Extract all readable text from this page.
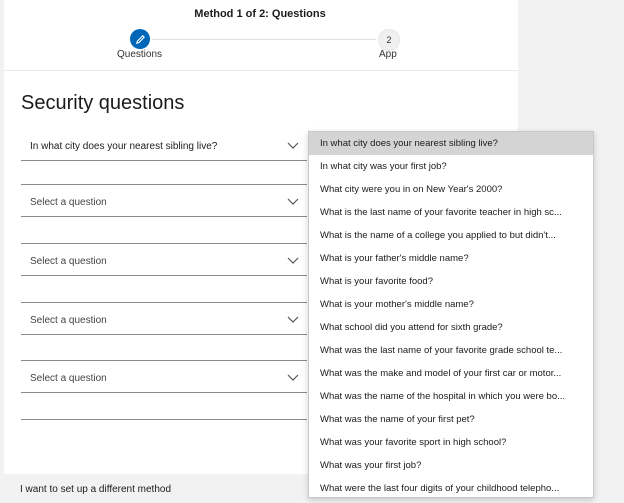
Method 1 of 2: Questions
2
Questions	App
Security questions
In what city does your nearest sibling live?
Select a question
Select a question
Select a question
Select a question
I want to set up a different method
In what city does your nearest sibling live?
In what city was your first job?
What city were you in on New Year's 2000?
What is the last name of your favorite teacher in high sc...
What is the name of a college you applied to but didn't...
What is your father's middle name?
What is your favorite food?
What is your mother's middle name?
What school did you attend for sixth grade?
What was the last name of your favorite grade school te...
What was the make and model of your first car or motor...
What was the name of the hospital in which you were bo...
What was the name of your first pet?
What was your favorite sport in high school?
What was your first job?
What were the last four digits of your childhood telepho...
